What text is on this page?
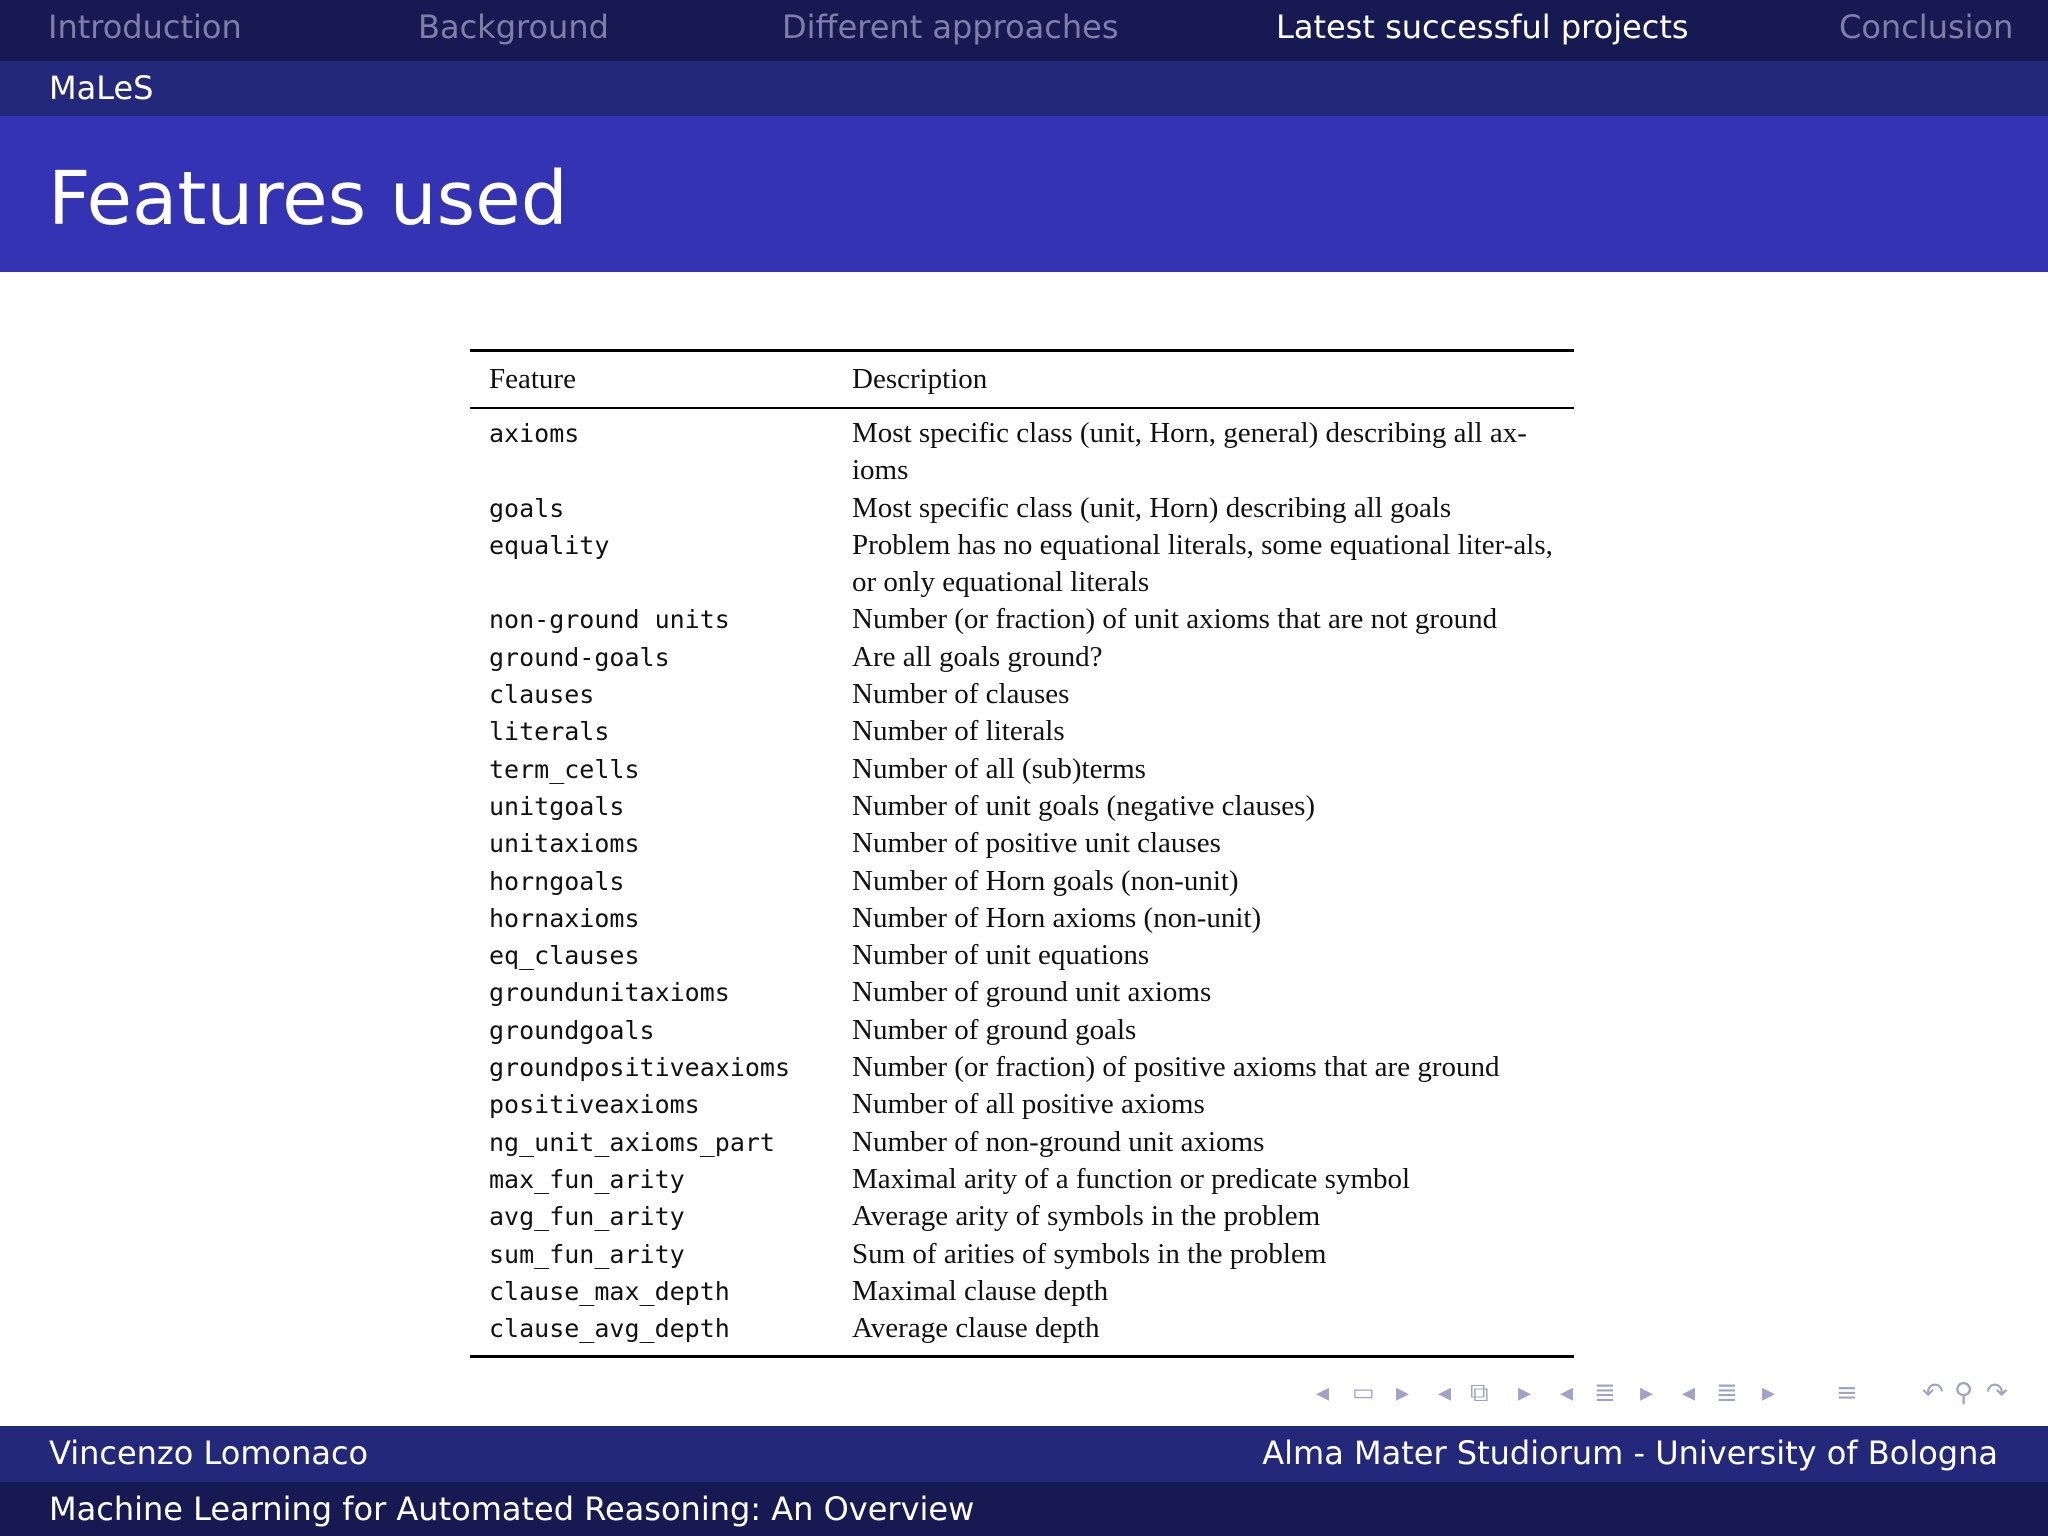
Introduction	Background	Different approaches	Latest successful projects	Conclusion
MaLeS
Features used
Feature	Description
axioms	Most specific class (unit, Horn, general) describing all ax-ioms
goals	Most specific class (unit, Horn) describing all goals
equality	Problem has no equational literals, some equational liter-als, or only equational literals
non-ground units	Number (or fraction) of unit axioms that are not ground
ground-goals	Are all goals ground?
clauses	Number of clauses
literals	Number of literals
term_cells	Number of all (sub)terms
unitgoals	Number of unit goals (negative clauses)
unitaxioms	Number of positive unit clauses
horngoals	Number of Horn goals (non-unit)
hornaxioms	Number of Horn axioms (non-unit)
eq_clauses	Number of unit equations
groundunitaxioms	Number of ground unit axioms
groundgoals	Number of ground goals
groundpositiveaxioms	Number (or fraction) of positive axioms that are ground
positiveaxioms	Number of all positive axioms
ng_unit_axioms_part	Number of non-ground unit axioms
max_fun_arity	Maximal arity of a function or predicate symbol
avg_fun_arity	Average arity of symbols in the problem
sum_fun_arity	Sum of arities of symbols in the problem
clause_max_depth	Maximal clause depth
clause_avg_depth	Average clause depth
◂ ▭ ▸ ◂ ⧉ ▸ ◂ ≣ ▸ ◂ ≣ ▸ ≡ ↶ ⚲ ↷
Vincenzo Lomonaco	Alma Mater Studiorum - University of Bologna
Machine Learning for Automated Reasoning: An Overview
